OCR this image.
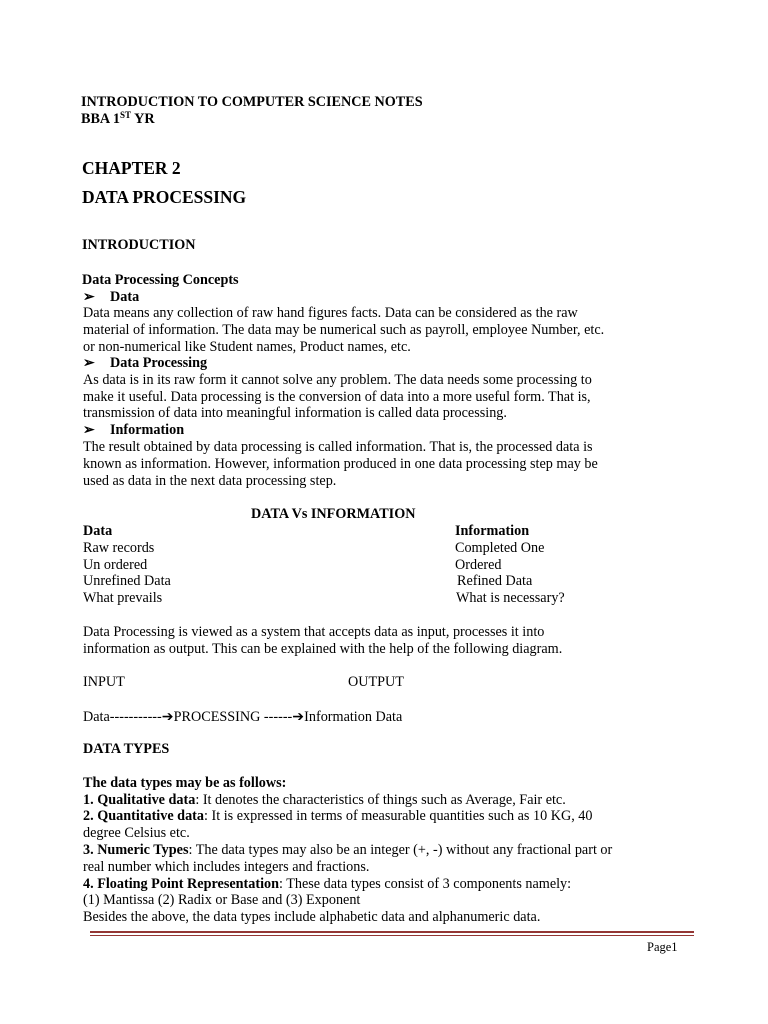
INTRODUCTION TO COMPUTER SCIENCE NOTES
BBA 1ST YR
CHAPTER 2
DATA PROCESSING
INTRODUCTION
Data Processing Concepts
➢ Data
Data means any collection of raw hand figures facts. Data can be considered as the raw
material of information. The data may be numerical such as payroll, employee Number, etc.
or non-numerical like Student names, Product names, etc.
➢ Data Processing
As data is in its raw form it cannot solve any problem. The data needs some processing to
make it useful. Data processing is the conversion of data into a more useful form. That is,
transmission of data into meaningful information is called data processing.
➢ Information
The result obtained by data processing is called information. That is, the processed data is
known as information. However, information produced in one data processing step may be
used as data in the next data processing step.
DATA Vs INFORMATION
Data	Information
Raw records	Completed One
Un ordered	Ordered
Unrefined Data	Refined Data
What prevails	What is necessary?
Data Processing is viewed as a system that accepts data as input, processes it into
information as output. This can be explained with the help of the following diagram.
INPUT	OUTPUT
Data-----------➔PROCESSING ------➔Information Data
DATA TYPES
The data types may be as follows:
1. Qualitative data: It denotes the characteristics of things such as Average, Fair etc.
2. Quantitative data: It is expressed in terms of measurable quantities such as 10 KG, 40
degree Celsius etc.
3. Numeric Types: The data types may also be an integer (+, -) without any fractional part or
real number which includes integers and fractions.
4. Floating Point Representation: These data types consist of 3 components namely:
(1) Mantissa (2) Radix or Base and (3) Exponent
Besides the above, the data types include alphabetic data and alphanumeric data.
Page1
